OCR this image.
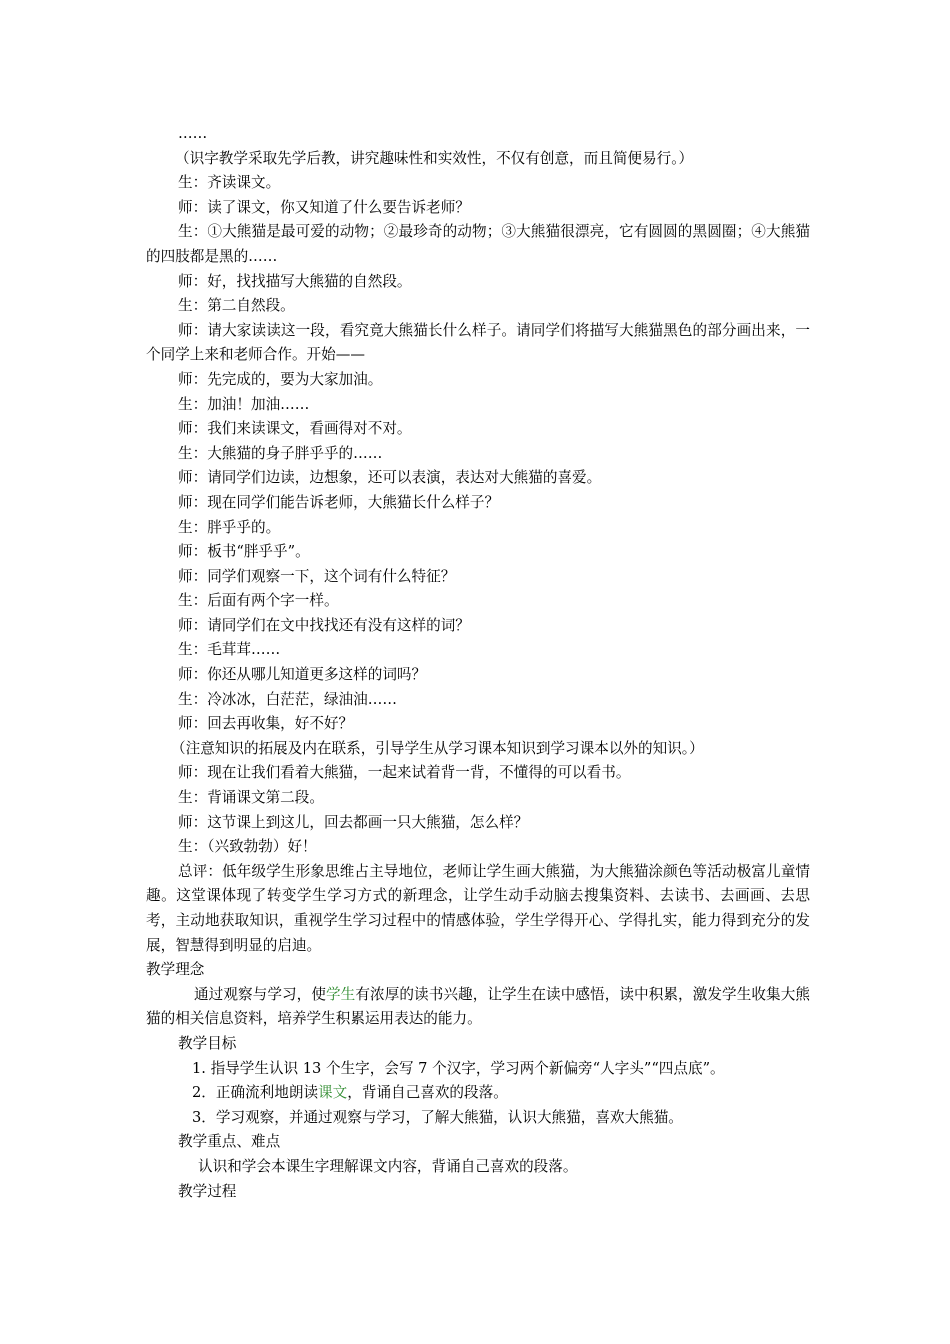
……

（识字教学采取先学后教，讲究趣味性和实效性，不仅有创意，而且简便易行。）

生：齐读课文。

师：读了课文，你又知道了什么要告诉老师？

生：①大熊猫是最可爱的动物；②最珍奇的动物；③大熊猫很漂亮，它有圆圆的黑圆圈；④大熊猫的四肢都是黑的……

师：好，找找描写大熊猫的自然段。

生：第二自然段。

师：请大家读读这一段，看究竟大熊猫长什么样子。请同学们将描写大熊猫黑色的部分画出来，一个同学上来和老师合作。开始——

师：先完成的，要为大家加油。

生：加油！加油……

师：我们来读课文，看画得对不对。

生：大熊猫的身子胖乎乎的……

师：请同学们边读，边想象，还可以表演，表达对大熊猫的喜爱。

师：现在同学们能告诉老师，大熊猫长什么样子？

生：胖乎乎的。

师：板书“胖乎乎”。

师：同学们观察一下，这个词有什么特征？

生：后面有两个字一样。

师：请同学们在文中找找还有没有这样的词？

生：毛茸茸……

师：你还从哪儿知道更多这样的词吗？

生：冷冰冰，白茫茫，绿油油……

师：回去再收集，好不好？

（注意知识的拓展及内在联系，引导学生从学习课本知识到学习课本以外的知识。）

师：现在让我们看着大熊猫，一起来试着背一背，不懂得的可以看书。

生：背诵课文第二段。

师：这节课上到这儿，回去都画一只大熊猫，怎么样？

生：（兴致勃勃）好！

总评：低年级学生形象思维占主导地位，老师让学生画大熊猫，为大熊猫涂颜色等活动极富儿童情趣。这堂课体现了转变学生学习方式的新理念，让学生动手动脑去搜集资料、去读书、去画画、去思考，主动地获取知识，重视学生学习过程中的情感体验，学生学得开心、学得扎实，能力得到充分的发展，智慧得到明显的启迪。

教学理念

通过观察与学习，使学生有浓厚的读书兴趣，让学生在读中感悟，读中积累，激发学生收集大熊猫的相关信息资料，培养学生积累运用表达的能力。

教学目标

1. 指导学生认识 13 个生字，会写 7 个汉字，学习两个新偏旁“人字头”“四点底”。

2．正确流利地朗读课文，背诵自己喜欢的段落。

3．学习观察，并通过观察与学习，了解大熊猫，认识大熊猫，喜欢大熊猫。

教学重点、难点

认识和学会本课生字理解课文内容，背诵自己喜欢的段落。

教学过程
